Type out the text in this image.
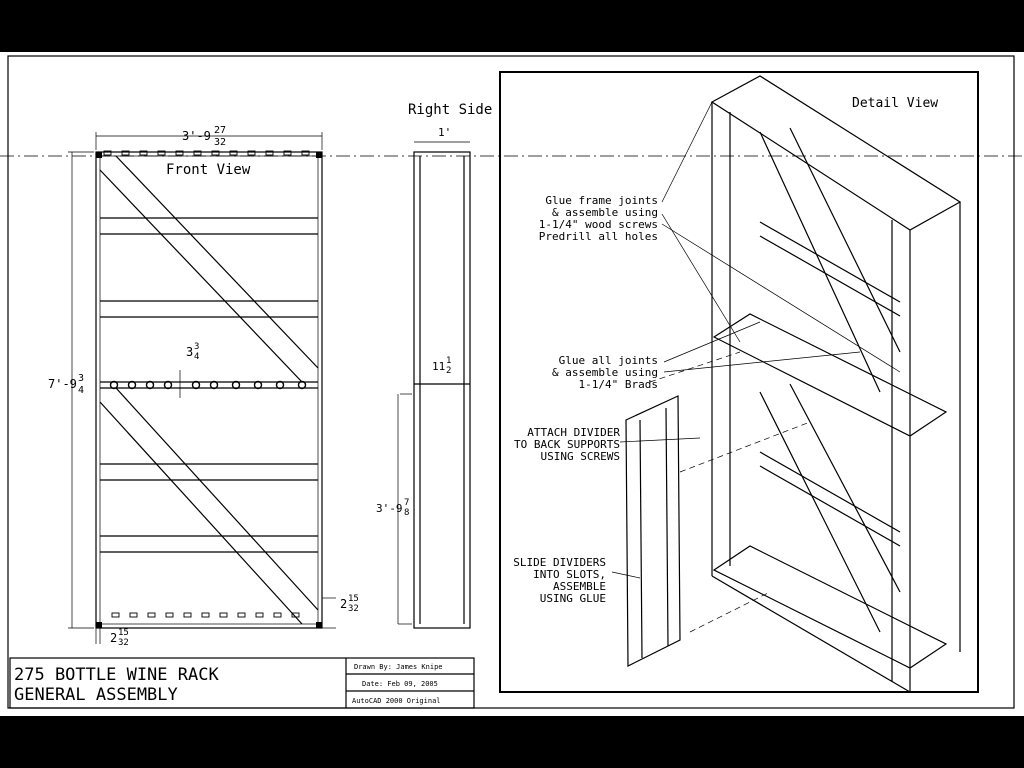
Front View
Right Side	Detail View
3'-9 27
32
7'-9 3
4
3 3
4
2 15
32
2 15
32
1'
11 1
2
3'-9 7
8
Glue frame joints
& assemble using
1-1/4" wood screws
Predrill all holes
Glue all joints
& assemble using
1-1/4" Brads
ATTACH DIVIDER
TO BACK SUPPORTS
USING SCREWS
SLIDE DIVIDERS
INTO SLOTS,
ASSEMBLE
USING GLUE
275 BOTTLE WINE RACK
GENERAL ASSEMBLY
Drawn By: James Knipe
Date: Feb 09, 2005
AutoCAD 2000 Original
